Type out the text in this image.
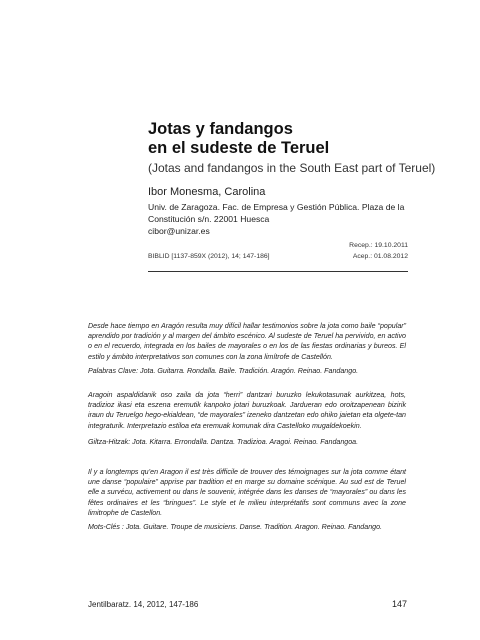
Jotas y fandangos
en el sudeste de Teruel
(Jotas and fandangos in the South East part of Teruel)
Ibor Monesma, Carolina
Univ. de Zaragoza. Fac. de Empresa y Gestión Pública. Plaza de la
Constitución s/n. 22001 Huesca
cibor@unizar.es
Recep.: 19.10.2011
BIBLID [1137-859X (2012), 14; 147-186]	Acep.: 01.08.2012
Desde hace tiempo en Aragón resulta muy difícil hallar testimonios sobre la jota como baile “popular” aprendido por tradición y al margen del ámbito escénico. Al sudeste de Teruel ha pervivido, en activo o en el recuerdo, integrada en los bailes de mayorales o en los de las fiestas ordinarias y bureos. El estilo y ámbito interpretativos son comunes con la zona limítrofe de Castellón.
Palabras Clave: Jota. Guitarra. Rondalla. Baile. Tradición. Aragón. Reinao. Fandango.
Aragoin aspaldidanik oso zaila da jota “herri” dantzari buruzko lekukotasunak aurkitzea, hots, tradizioz ikasi eta eszena eremutik kanpoko jotari buruzkoak. Jardueran edo oroitzapenean bizirik iraun du Teruelgo hego-ekialdean, “de mayorales” izeneko dantzetan edo ohiko jaietan eta olgete-tan integraturik. Interpretazio estiloa eta eremuak komunak dira Castelloko mugaldekoekin.
Giltza-Hitzak: Jota. Kitarra. Errondalla. Dantza. Tradizioa. Aragoi. Reinao. Fandangoa.
Il y a longtemps qu’en Aragon il est très difficile de trouver des témoignages sur la jota comme étant une danse “populaire” apprise par tradition et en marge su domaine scénique. Au sud est de Teruel elle a survécu, activement ou dans le souvenir, intégrée dans les danses de “mayorales” ou dans les fêtes ordinaires et les “bringues”. Le style et le milieu interprétatifs sont communs avec la zone limitrophe de Castellon.
Mots-Clés : Jota. Guitare. Troupe de musiciens. Danse. Tradition. Aragon. Reinao. Fandango.
Jentilbaratz. 14, 2012, 147-186	147
